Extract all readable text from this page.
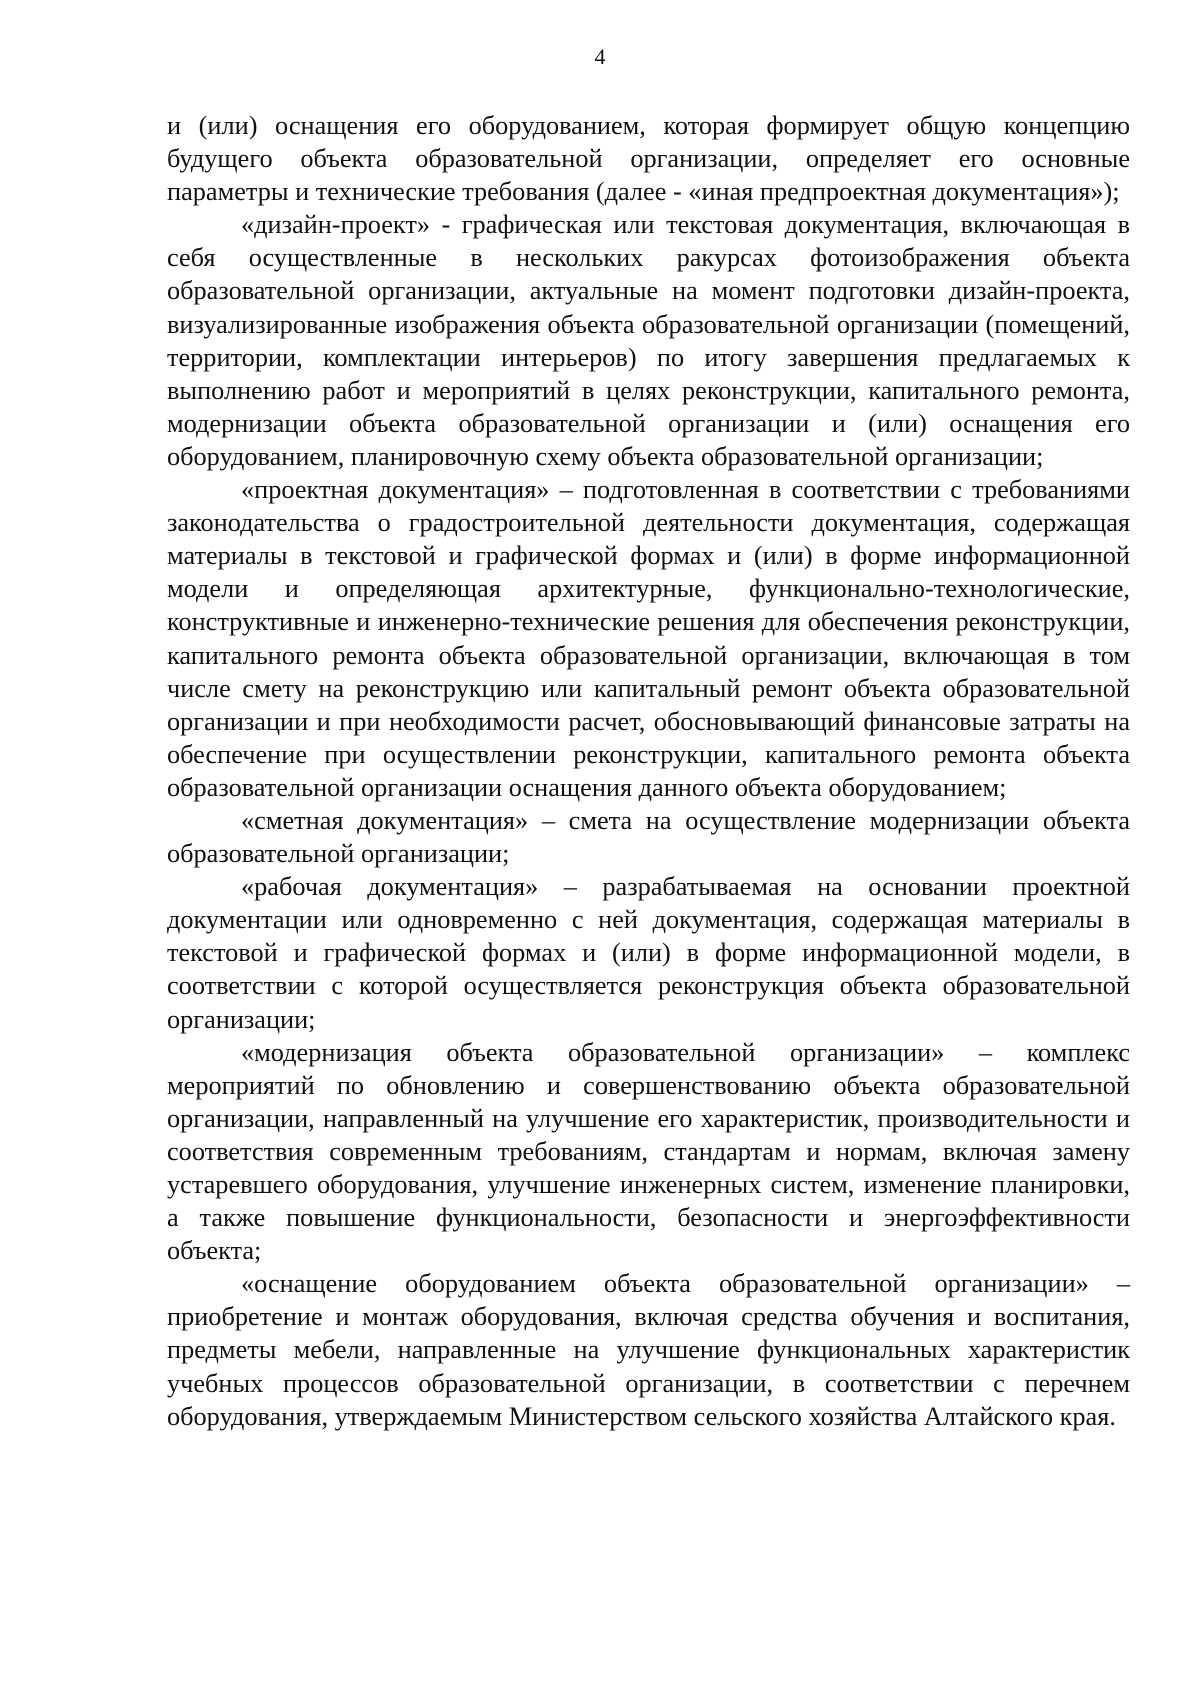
4

и (или) оснащения его оборудованием, которая формирует общую концепцию будущего объекта образовательной организации, определяет его основные параметры и технические требования (далее - «иная предпроектная документация»);

«дизайн-проект» - графическая или текстовая документация, включающая в себя осуществленные в нескольких ракурсах фотоизображения объекта образовательной организации, актуальные на момент подготовки дизайн-проекта, визуализированные изображения объекта образовательной организации (помещений, территории, комплектации интерьеров) по итогу завершения предлагаемых к выполнению работ и мероприятий в целях реконструкции, капитального ремонта, модернизации объекта образовательной организации и (или) оснащения его оборудованием, планировочную схему объекта образовательной организации;

«проектная документация» – подготовленная в соответствии с требованиями законодательства о градостроительной деятельности документация, содержащая материалы в текстовой и графической формах и (или) в форме информационной модели и определяющая архитектурные, функционально-технологические, конструктивные и инженерно-технические решения для обеспечения реконструкции, капитального ремонта объекта образовательной организации, включающая в том числе смету на реконструкцию или капитальный ремонт объекта образовательной организации и при необходимости расчет, обосновывающий финансовые затраты на обеспечение при осуществлении реконструкции, капитального ремонта объекта образовательной организации оснащения данного объекта оборудованием;

«сметная документация» – смета на осуществление модернизации объекта образовательной организации;

«рабочая документация» – разрабатываемая на основании проектной документации или одновременно с ней документация, содержащая материалы в текстовой и графической формах и (или) в форме информационной модели, в соответствии с которой осуществляется реконструкция объекта образовательной организации;

«модернизация объекта образовательной организации» – комплекс мероприятий по обновлению и совершенствованию объекта образовательной организации, направленный на улучшение его характеристик, производительности и соответствия современным требованиям, стандартам и нормам, включая замену устаревшего оборудования, улучшение инженерных систем, изменение планировки, а также повышение функциональности, безопасности и энергоэффективности объекта;

«оснащение оборудованием объекта образовательной организации» – приобретение и монтаж оборудования, включая средства обучения и воспитания, предметы мебели, направленные на улучшение функциональных характеристик учебных процессов образовательной организации, в соответствии с перечнем оборудования, утверждаемым Министерством сельского хозяйства Алтайского края.
